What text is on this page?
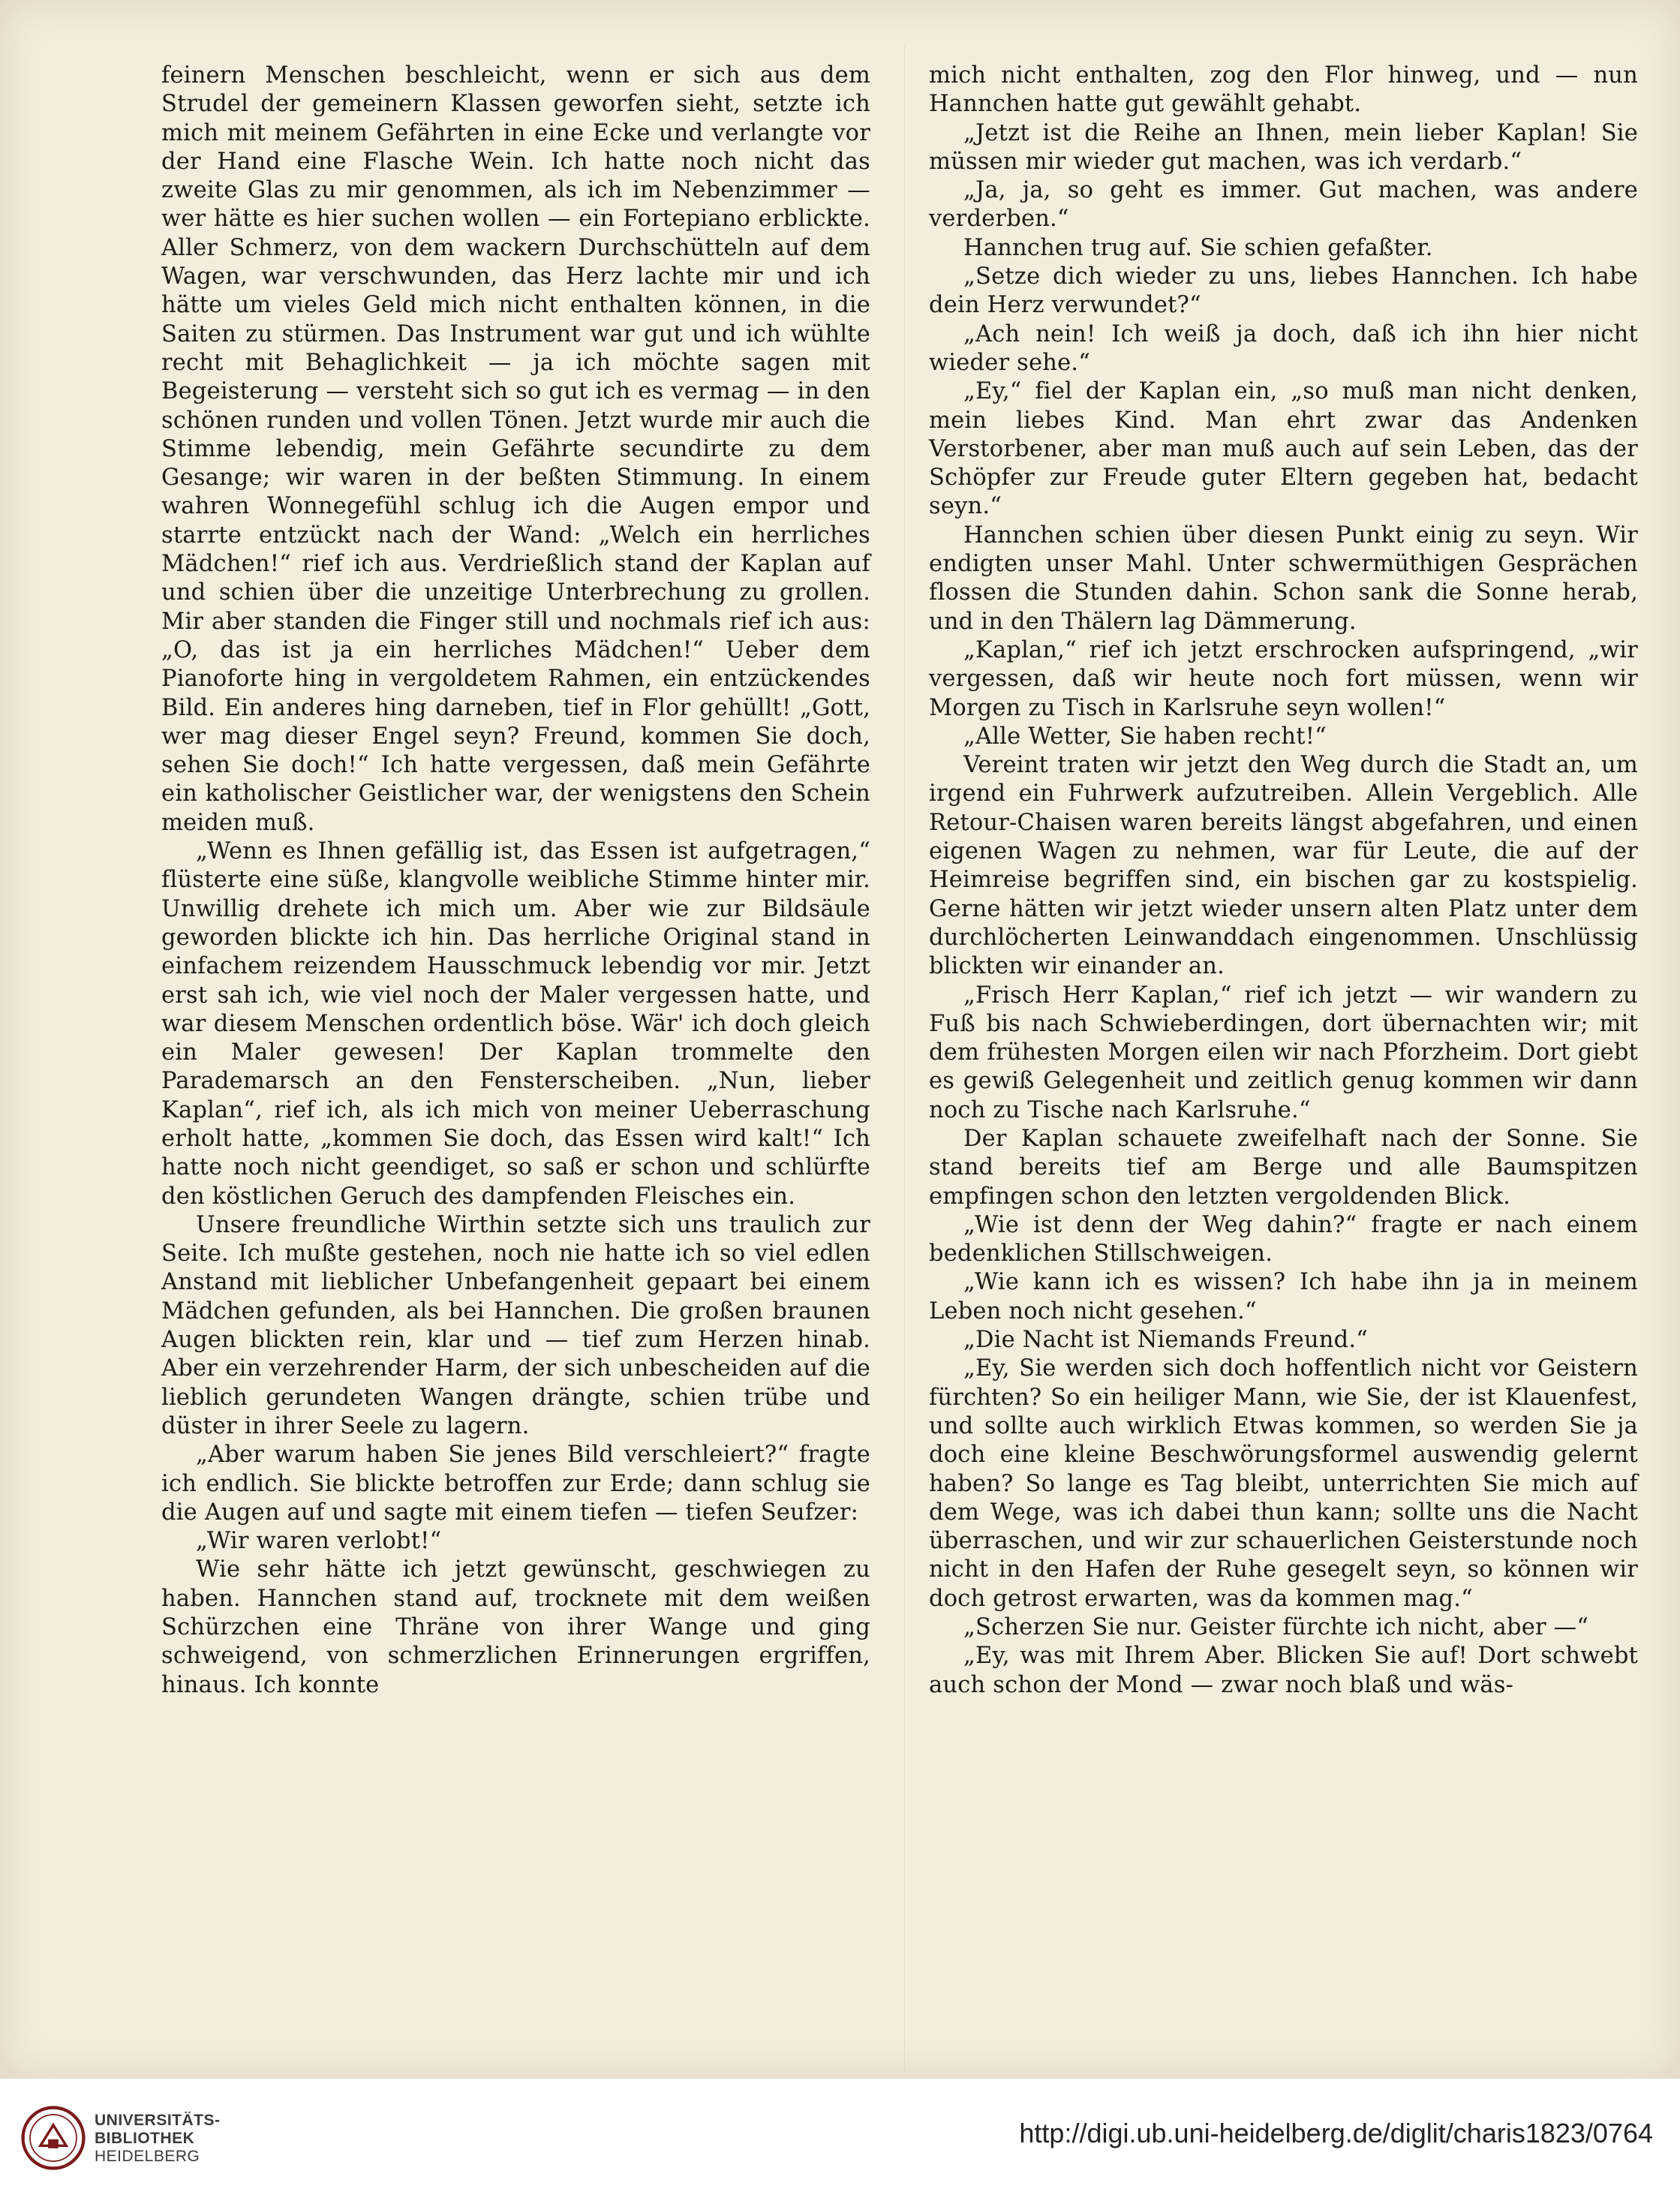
feinern Menschen beschleicht, wenn er sich aus dem Strudel der gemeinern Klassen geworfen sieht, setzte ich mich mit meinem Gefährten in eine Ecke und verlangte vor der Hand eine Flasche Wein. Ich hatte noch nicht das zweite Glas zu mir genommen, als ich im Nebenzimmer — wer hätte es hier suchen wollen — ein Fortepiano erblickte. Aller Schmerz, von dem wackern Durchschütteln auf dem Wagen, war verschwunden, das Herz lachte mir und ich hätte um vieles Geld mich nicht enthalten können, in die Saiten zu stürmen. Das Instrument war gut und ich wühlte recht mit Behaglichkeit — ja ich möchte sagen mit Begeisterung — versteht sich so gut ich es vermag — in den schönen runden und vollen Tönen. Jetzt wurde mir auch die Stimme lebendig, mein Gefährte secundirte zu dem Gesange; wir waren in der beßten Stimmung. In einem wahren Wonnegefühl schlug ich die Augen empor und starrte entzückt nach der Wand: „Welch ein herrliches Mädchen!“ rief ich aus. Verdrießlich stand der Kaplan auf und schien über die unzeitige Unterbrechung zu grollen. Mir aber standen die Finger still und nochmals rief ich aus: „O, das ist ja ein herrliches Mädchen!“ Ueber dem Pianoforte hing in vergoldetem Rahmen, ein entzückendes Bild. Ein anderes hing darneben, tief in Flor gehüllt! „Gott, wer mag dieser Engel seyn? Freund, kommen Sie doch, sehen Sie doch!“ Ich hatte vergessen, daß mein Gefährte ein katholischer Geistlicher war, der wenigstens den Schein meiden muß.

„Wenn es Ihnen gefällig ist, das Essen ist aufgetragen,“ flüsterte eine süße, klangvolle weibliche Stimme hinter mir. Unwillig drehete ich mich um. Aber wie zur Bildsäule geworden blickte ich hin. Das herrliche Original stand in einfachem reizendem Hausschmuck lebendig vor mir. Jetzt erst sah ich, wie viel noch der Maler vergessen hatte, und war diesem Menschen ordentlich böse. Wär' ich doch gleich ein Maler gewesen! Der Kaplan trommelte den Parademarsch an den Fensterscheiben. „Nun, lieber Kaplan“, rief ich, als ich mich von meiner Ueberraschung erholt hatte, „kommen Sie doch, das Essen wird kalt!“ Ich hatte noch nicht geendiget, so saß er schon und schlürfte den köstlichen Geruch des dampfenden Fleisches ein.

Unsere freundliche Wirthin setzte sich uns traulich zur Seite. Ich mußte gestehen, noch nie hatte ich so viel edlen Anstand mit lieblicher Unbefangenheit gepaart bei einem Mädchen gefunden, als bei Hannchen. Die großen braunen Augen blickten rein, klar und — tief zum Herzen hinab. Aber ein verzehrender Harm, der sich unbescheiden auf die lieblich gerundeten Wangen drängte, schien trübe und düster in ihrer Seele zu lagern.

„Aber warum haben Sie jenes Bild verschleiert?“ fragte ich endlich. Sie blickte betroffen zur Erde; dann schlug sie die Augen auf und sagte mit einem tiefen — tiefen Seufzer:

„Wir waren verlobt!“

Wie sehr hätte ich jetzt gewünscht, geschwiegen zu haben. Hannchen stand auf, trocknete mit dem weißen Schürzchen eine Thräne von ihrer Wange und ging schweigend, von schmerzlichen Erinnerungen ergriffen, hinaus. Ich konnte

mich nicht enthalten, zog den Flor hinweg, und — nun Hannchen hatte gut gewählt gehabt.

„Jetzt ist die Reihe an Ihnen, mein lieber Kaplan! Sie müssen mir wieder gut machen, was ich verdarb.“

„Ja, ja, so geht es immer. Gut machen, was andere verderben.“

Hannchen trug auf. Sie schien gefaßter.

„Setze dich wieder zu uns, liebes Hannchen. Ich habe dein Herz verwundet?“

„Ach nein! Ich weiß ja doch, daß ich ihn hier nicht wieder sehe.“

„Ey,“ fiel der Kaplan ein, „so muß man nicht denken, mein liebes Kind. Man ehrt zwar das Andenken Verstorbener, aber man muß auch auf sein Leben, das der Schöpfer zur Freude guter Eltern gegeben hat, bedacht seyn.“

Hannchen schien über diesen Punkt einig zu seyn. Wir endigten unser Mahl. Unter schwermüthigen Gesprächen flossen die Stunden dahin. Schon sank die Sonne herab, und in den Thälern lag Dämmerung.

„Kaplan,“ rief ich jetzt erschrocken aufspringend, „wir vergessen, daß wir heute noch fort müssen, wenn wir Morgen zu Tisch in Karlsruhe seyn wollen!“

„Alle Wetter, Sie haben recht!“

Vereint traten wir jetzt den Weg durch die Stadt an, um irgend ein Fuhrwerk aufzutreiben. Allein Vergeblich. Alle Retour-Chaisen waren bereits längst abgefahren, und einen eigenen Wagen zu nehmen, war für Leute, die auf der Heimreise begriffen sind, ein bischen gar zu kostspielig. Gerne hätten wir jetzt wieder unsern alten Platz unter dem durchlöcherten Leinwanddach eingenommen. Unschlüssig blickten wir einander an.

„Frisch Herr Kaplan,“ rief ich jetzt — wir wandern zu Fuß bis nach Schwieberdingen, dort übernachten wir; mit dem frühesten Morgen eilen wir nach Pforzheim. Dort giebt es gewiß Gelegenheit und zeitlich genug kommen wir dann noch zu Tische nach Karlsruhe.“

Der Kaplan schauete zweifelhaft nach der Sonne. Sie stand bereits tief am Berge und alle Baumspitzen empfingen schon den letzten vergoldenden Blick.

„Wie ist denn der Weg dahin?“ fragte er nach einem bedenklichen Stillschweigen.

„Wie kann ich es wissen? Ich habe ihn ja in meinem Leben noch nicht gesehen.“

„Die Nacht ist Niemands Freund.“

„Ey, Sie werden sich doch hoffentlich nicht vor Geistern fürchten? So ein heiliger Mann, wie Sie, der ist Klauenfest, und sollte auch wirklich Etwas kommen, so werden Sie ja doch eine kleine Beschwörungsformel auswendig gelernt haben? So lange es Tag bleibt, unterrichten Sie mich auf dem Wege, was ich dabei thun kann; sollte uns die Nacht überraschen, und wir zur schauerlichen Geisterstunde noch nicht in den Hafen der Ruhe gesegelt seyn, so können wir doch getrost erwarten, was da kommen mag.“

„Scherzen Sie nur. Geister fürchte ich nicht, aber —“

„Ey, was mit Ihrem Aber. Blicken Sie auf! Dort schwebt auch schon der Mond — zwar noch blaß und wäs-

UNIVERSITÄTS-
BIBLIOTHEK
HEIDELBERG
http://digi.ub.uni-heidelberg.de/diglit/charis1823/0764
